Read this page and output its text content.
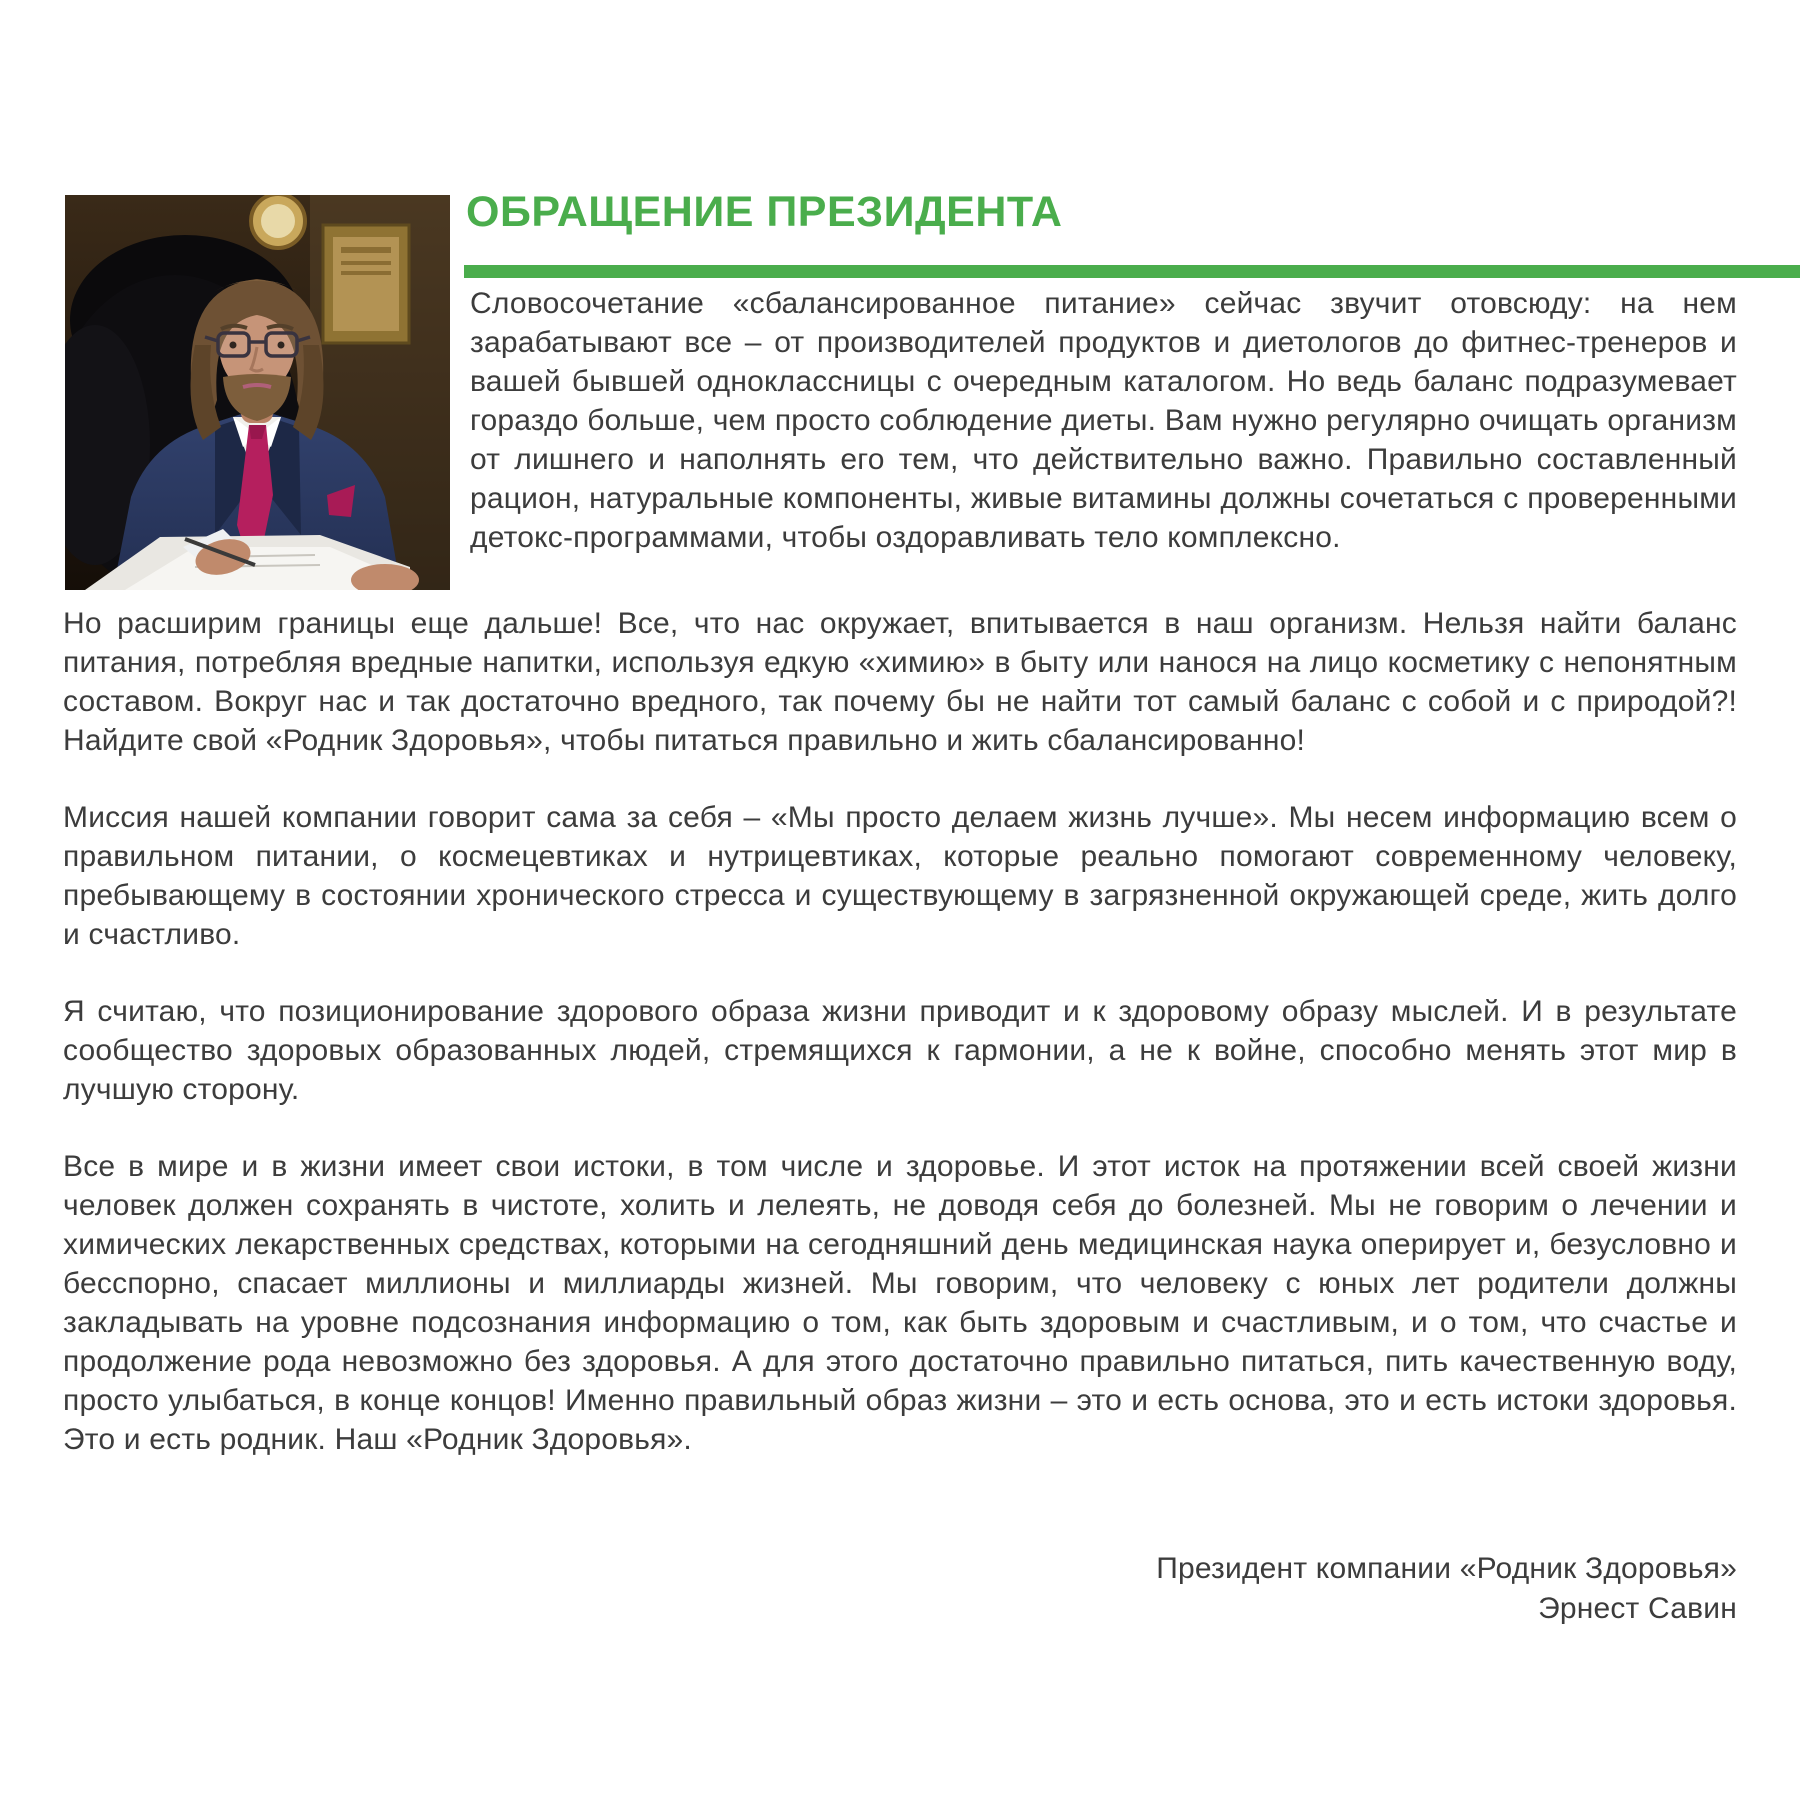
ОБРАЩЕНИЕ ПРЕЗИДЕНТА
Словосочетание «сбалансированное питание» сейчас звучит отовсюду: на нем зарабатывают все – от производителей продуктов и диетологов до фитнес-тренеров и вашей бывшей одноклассницы с очередным каталогом. Но ведь баланс подразумевает гораздо больше, чем просто соблюдение диеты. Вам нужно регулярно очищать организм от лишнего и наполнять его тем, что действительно важно. Правильно составленный рацион, натуральные компоненты, живые витамины должны сочетаться с проверенными детокс-программами, чтобы оздоравливать тело комплексно.

Но расширим границы еще дальше! Все, что нас окружает, впитывается в наш организм. Нельзя найти баланс питания, потребляя вредные напитки, используя едкую «химию» в быту или нанося на лицо косметику с непонятным составом. Вокруг нас и так достаточно вредного, так почему бы не найти тот самый баланс с собой и с природой?! Найдите свой «Родник Здоровья», чтобы питаться правильно и жить сбалансированно!

Миссия нашей компании говорит сама за себя – «Мы просто делаем жизнь лучше». Мы несем информацию всем о правильном питании, о космецевтиках и нутрицевтиках, которые реально помогают современному человеку, пребывающему в состоянии хронического стресса и существующему в загрязненной окружающей среде, жить долго и счастливо.

Я считаю, что позиционирование здорового образа жизни приводит и к здоровому образу мыслей. И в результате сообщество здоровых образованных людей, стремящихся к гармонии, а не к войне, способно менять этот мир в лучшую сторону.

Все в мире и в жизни имеет свои истоки, в том числе и здоровье. И этот исток на протяжении всей своей жизни человек должен сохранять в чистоте, холить и лелеять, не доводя себя до болезней. Мы не говорим о лечении и химических лекарственных средствах, которыми на сегодняшний день медицинская наука оперирует и, безусловно и бесспорно, спасает миллионы и миллиарды жизней. Мы говорим, что человеку с юных лет родители должны закладывать на уровне подсознания информацию о том, как быть здоровым и счастливым, и о том, что счастье и продолжение рода невозможно без здоровья. А для этого достаточно правильно питаться, пить качественную воду, просто улыбаться, в конце концов! Именно правильный образ жизни – это и есть основа, это и есть истоки здоровья. Это и есть родник. Наш «Родник Здоровья».

Президент компании «Родник Здоровья»
Эрнест Савин
